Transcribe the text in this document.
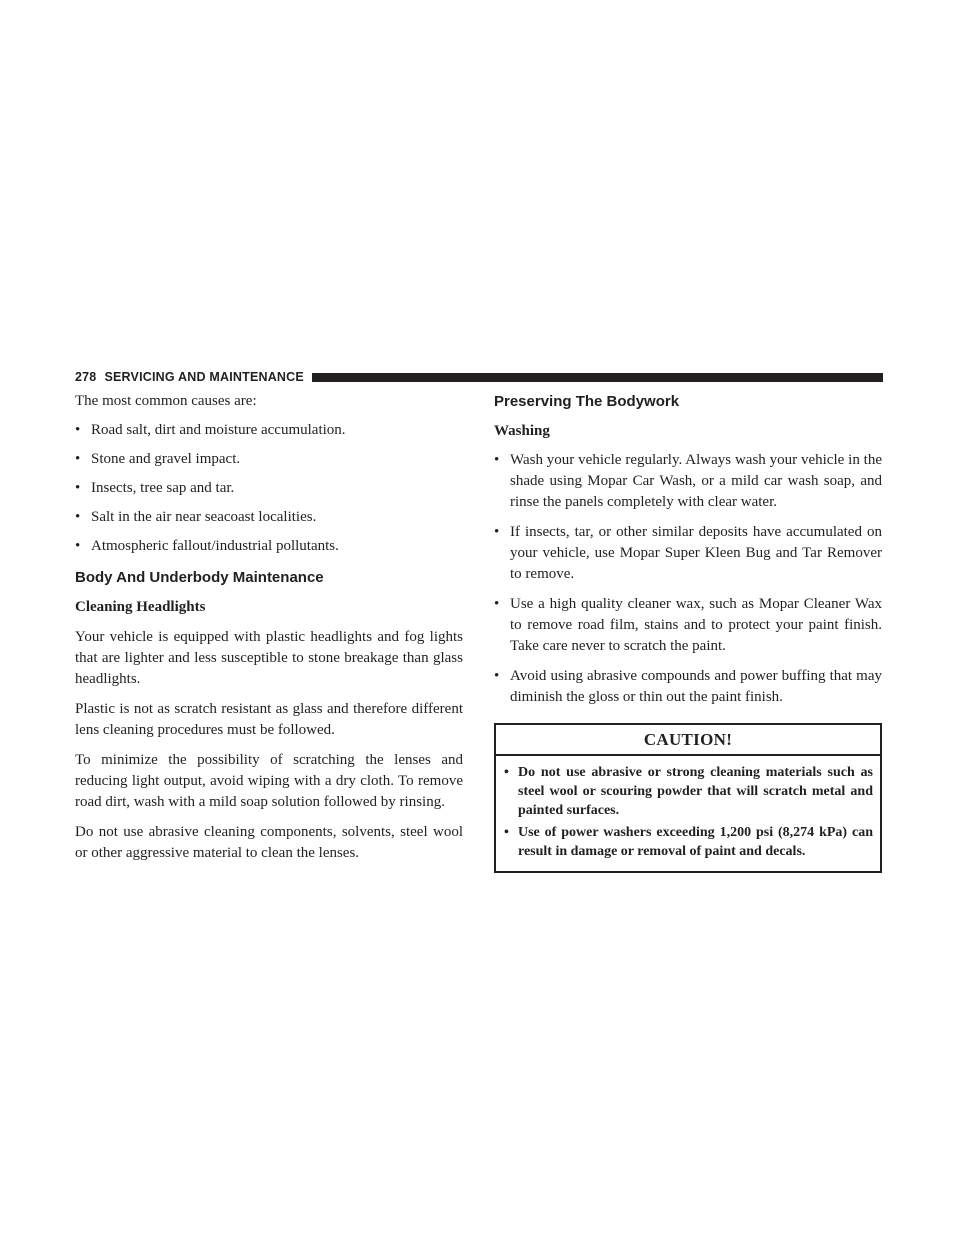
278 SERVICING AND MAINTENANCE

The most common causes are:

• Road salt, dirt and moisture accumulation.
• Stone and gravel impact.
• Insects, tree sap and tar.
• Salt in the air near seacoast localities.
• Atmospheric fallout/industrial pollutants.
Body And Underbody Maintenance
Cleaning Headlights

Your vehicle is equipped with plastic headlights and fog lights that are lighter and less susceptible to stone breakage than glass headlights.

Plastic is not as scratch resistant as glass and therefore different lens cleaning procedures must be followed.

To minimize the possibility of scratching the lenses and reducing light output, avoid wiping with a dry cloth. To remove road dirt, wash with a mild soap solution followed by rinsing.

Do not use abrasive cleaning components, solvents, steel wool or other aggressive material to clean the lenses.

Preserving The Bodywork
Washing
• Wash your vehicle regularly. Always wash your vehicle in the shade using Mopar Car Wash, or a mild car wash soap, and rinse the panels completely with clear water.
• If insects, tar, or other similar deposits have accumulated on your vehicle, use Mopar Super Kleen Bug and Tar Remover to remove.
• Use a high quality cleaner wax, such as Mopar Cleaner Wax to remove road film, stains and to protect your paint finish. Take care never to scratch the paint.
• Avoid using abrasive compounds and power buffing that may diminish the gloss or thin out the paint finish.
CAUTION!
• Do not use abrasive or strong cleaning materials such as steel wool or scouring powder that will scratch metal and painted surfaces.
• Use of power washers exceeding 1,200 psi (8,274 kPa) can result in damage or removal of paint and decals.
